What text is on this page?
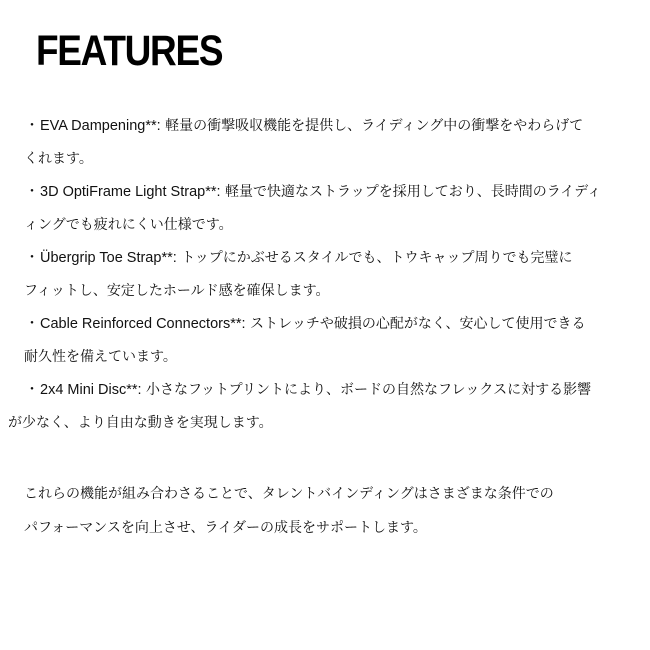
FEATURES
・EVA Dampening**: 軽量の衝撃吸収機能を提供し、ライディング中の衝撃をやわらげて
くれます。
・3D OptiFrame Light Strap**: 軽量で快適なストラップを採用しており、長時間のライディ
ィングでも疲れにくい仕様です。
・Übergrip Toe Strap**: トップにかぶせるスタイルでも、トウキャップ周りでも完璧に
フィットし、安定したホールド感を確保します。
・Cable Reinforced Connectors**: ストレッチや破損の心配がなく、安心して使用できる
耐久性を備えています。
・2x4 Mini Disc**: 小さなフットプリントにより、ボードの自然なフレックスに対する影響
が少なく、より自由な動きを実現します。

これらの機能が組み合わさることで、タレントバインディングはさまざまな条件での
パフォーマンスを向上させ、ライダーの成長をサポートします。
